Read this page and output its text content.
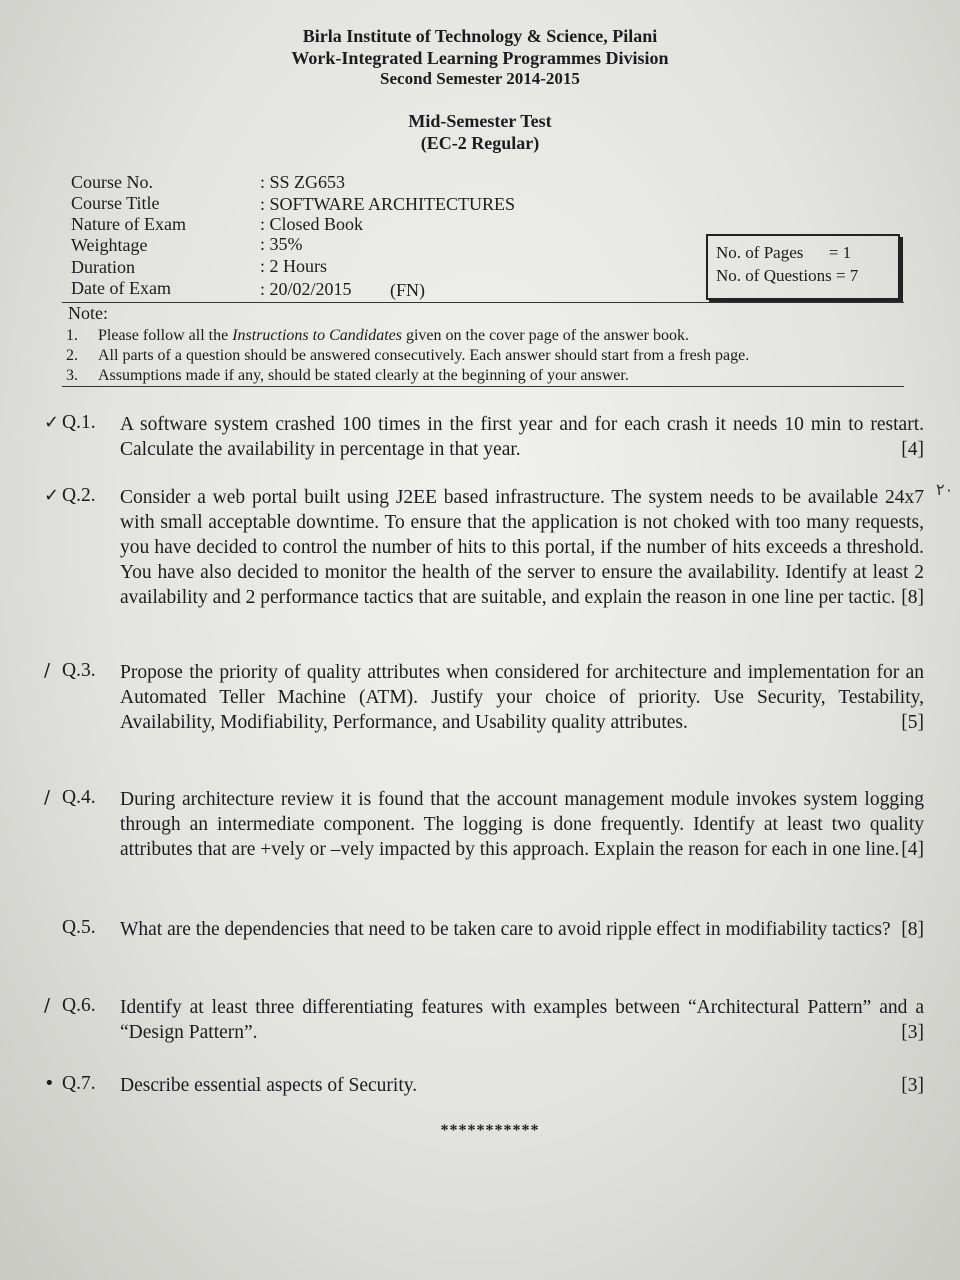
Birla Institute of Technology & Science, Pilani
Work-Integrated Learning Programmes Division
Second Semester 2014-2015
Mid-Semester Test
(EC-2 Regular)
Course No.	: SS ZG653
Course Title	: SOFTWARE ARCHITECTURES
Nature of Exam	: Closed Book
Weightage	: 35%
Duration	: 2 Hours
Date of Exam	: 20/02/2015 (FN)
No. of Pages      = 1
No. of Questions = 7
Note:
1. Please follow all the Instructions to Candidates given on the cover page of the answer book.
2. All parts of a question should be answered consecutively. Each answer should start from a fresh page.
3. Assumptions made if any, should be stated clearly at the beginning of your answer.
✓ Q.1.	A software system crashed 100 times in the first year and for each crash it needs 10 min to restart. Calculate the availability in percentage in that year.	[4]
✓ Q.2.	Consider a web portal built using J2EE based infrastructure. The system needs to be available 24x7 with small acceptable downtime. To ensure that the application is not choked with too many requests, you have decided to control the number of hits to this portal, if the number of hits exceeds a threshold. You have also decided to monitor the health of the server to ensure the availability. Identify at least 2 availability and 2 performance tactics that are suitable, and explain the reason in one line per tactic. [8]
/ Q.3.	Propose the priority of quality attributes when considered for architecture and implementation for an Automated Teller Machine (ATM). Justify your choice of priority. Use Security, Testability, Availability, Modifiability, Performance, and Usability quality attributes.	[5]
/ Q.4.	During architecture review it is found that the account management module invokes system logging through an intermediate component. The logging is done frequently. Identify at least two quality attributes that are +vely or –vely impacted by this approach. Explain the reason for each in one line. [4]
Q.5.	What are the dependencies that need to be taken care to avoid ripple effect in modifiability tactics? [8]
/ Q.6.	Identify at least three differentiating features with examples between “Architectural Pattern” and a “Design Pattern”.	[3]
• Q.7.	Describe essential aspects of Security.	[3]
***********
٢٠
